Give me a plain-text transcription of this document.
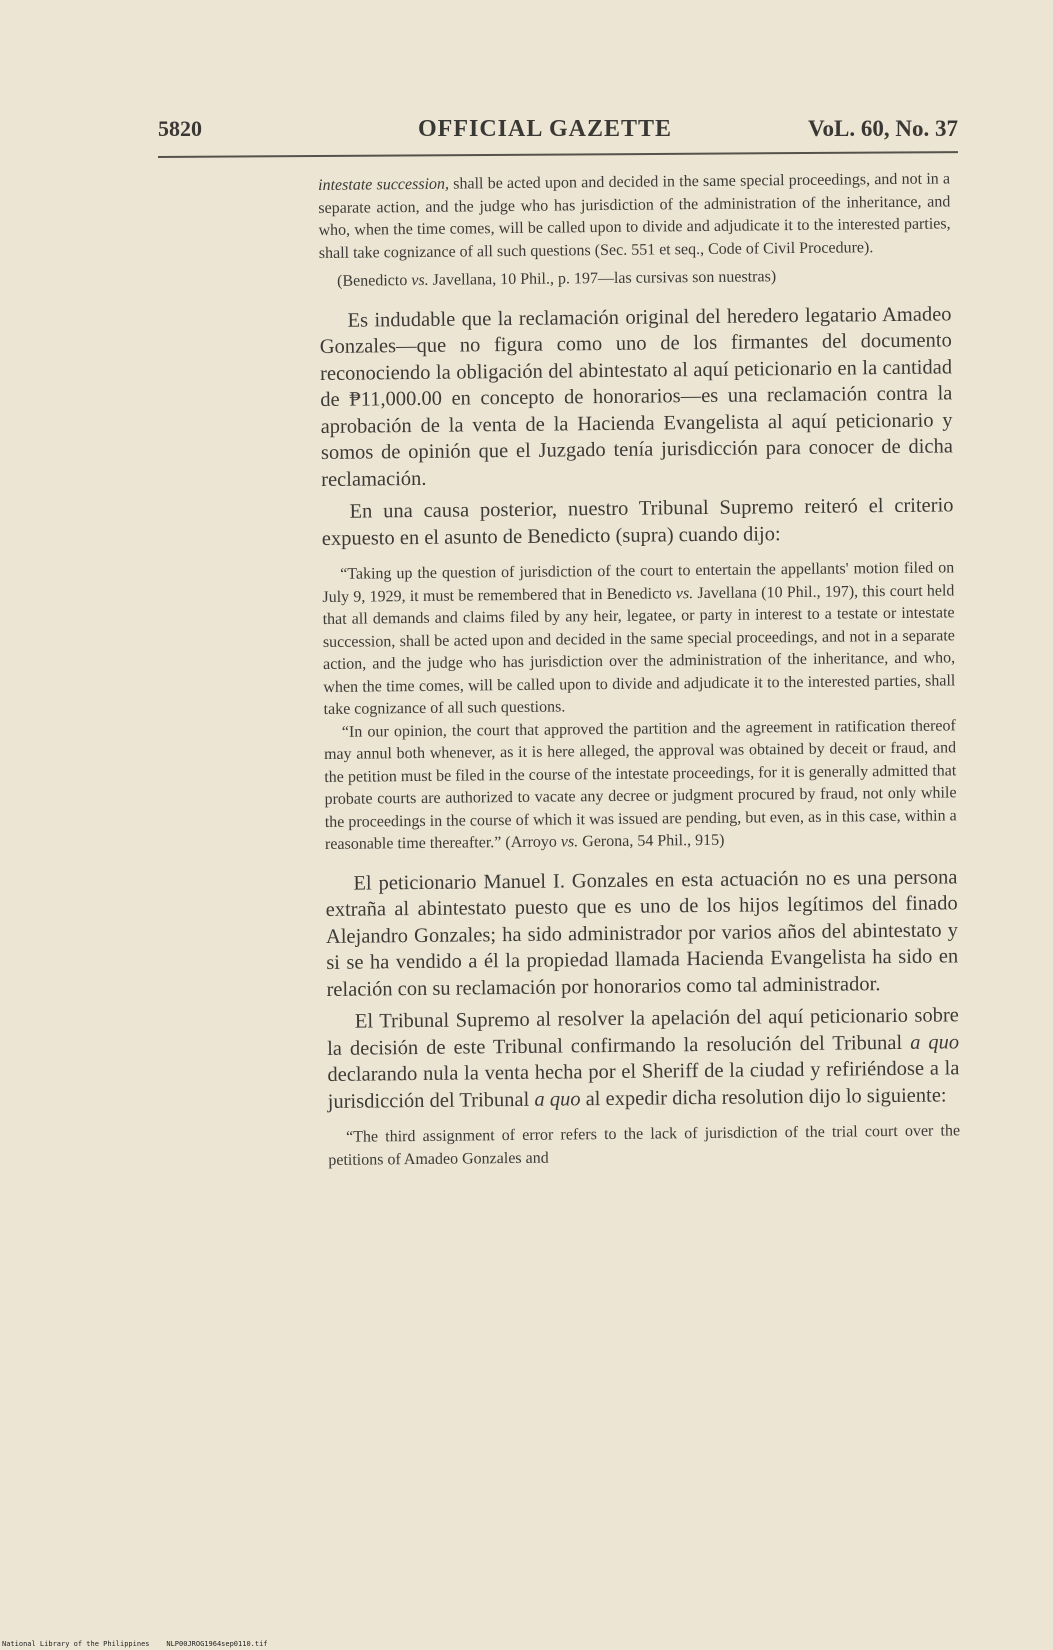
5820	OFFICIAL GAZETTE	VoL. 60, No. 37

intestate succession, shall be acted upon and decided in the same special proceedings, and not in a separate action, and the judge who has jurisdiction of the administration of the inheritance, and who, when the time comes, will be called upon to divide and adjudicate it to the interested parties, shall take cognizance of all such questions (Sec. 551 et seq., Code of Civil Procedure).

(Benedicto vs. Javellana, 10 Phil., p. 197—las cursivas son nuestras)

Es indudable que la reclamación original del heredero legatario Amadeo Gonzales—que no figura como uno de los firmantes del documento reconociendo la obligación del abintestato al aquí peticionario en la cantidad de ₱11,000.00 en concepto de honorarios—es una reclamación contra la aprobación de la venta de la Hacienda Evangelista al aquí peticionario y somos de opinión que el Juzgado tenía jurisdicción para conocer de dicha reclamación.

En una causa posterior, nuestro Tribunal Supremo reiteró el criterio expuesto en el asunto de Benedicto (supra) cuando dijo:

“Taking up the question of jurisdiction of the court to entertain the appellants' motion filed on July 9, 1929, it must be remembered that in Benedicto vs. Javellana (10 Phil., 197), this court held that all demands and claims filed by any heir, legatee, or party in interest to a testate or intestate succession, shall be acted upon and decided in the same special proceedings, and not in a separate action, and the judge who has jurisdiction over the administration of the inheritance, and who, when the time comes, will be called upon to divide and adjudicate it to the interested parties, shall take cognizance of all such questions.

“In our opinion, the court that approved the partition and the agreement in ratification thereof may annul both whenever, as it is here alleged, the approval was obtained by deceit or fraud, and the petition must be filed in the course of the intestate proceedings, for it is generally admitted that probate courts are authorized to vacate any decree or judgment procured by fraud, not only while the proceedings in the course of which it was issued are pending, but even, as in this case, within a reasonable time thereafter.” (Arroyo vs. Gerona, 54 Phil., 915)

El peticionario Manuel I. Gonzales en esta actuación no es una persona extraña al abintestato puesto que es uno de los hijos legítimos del finado Alejandro Gonzales; ha sido administrador por varios años del abintestato y si se ha vendido a él la propiedad llamada Hacienda Evangelista ha sido en relación con su reclamación por honorarios como tal administrador.

El Tribunal Supremo al resolver la apelación del aquí peticionario sobre la decisión de este Tribunal confirmando la resolución del Tribunal a quo declarando nula la venta hecha por el Sheriff de la ciudad y refiriéndose a la jurisdicción del Tribunal a quo al expedir dicha resolution dijo lo siguiente:

“The third assignment of error refers to the lack of jurisdiction of the trial court over the petitions of Amadeo Gonzales and

National Library of the Philippines NLP00JROG1964sep0110.tif
